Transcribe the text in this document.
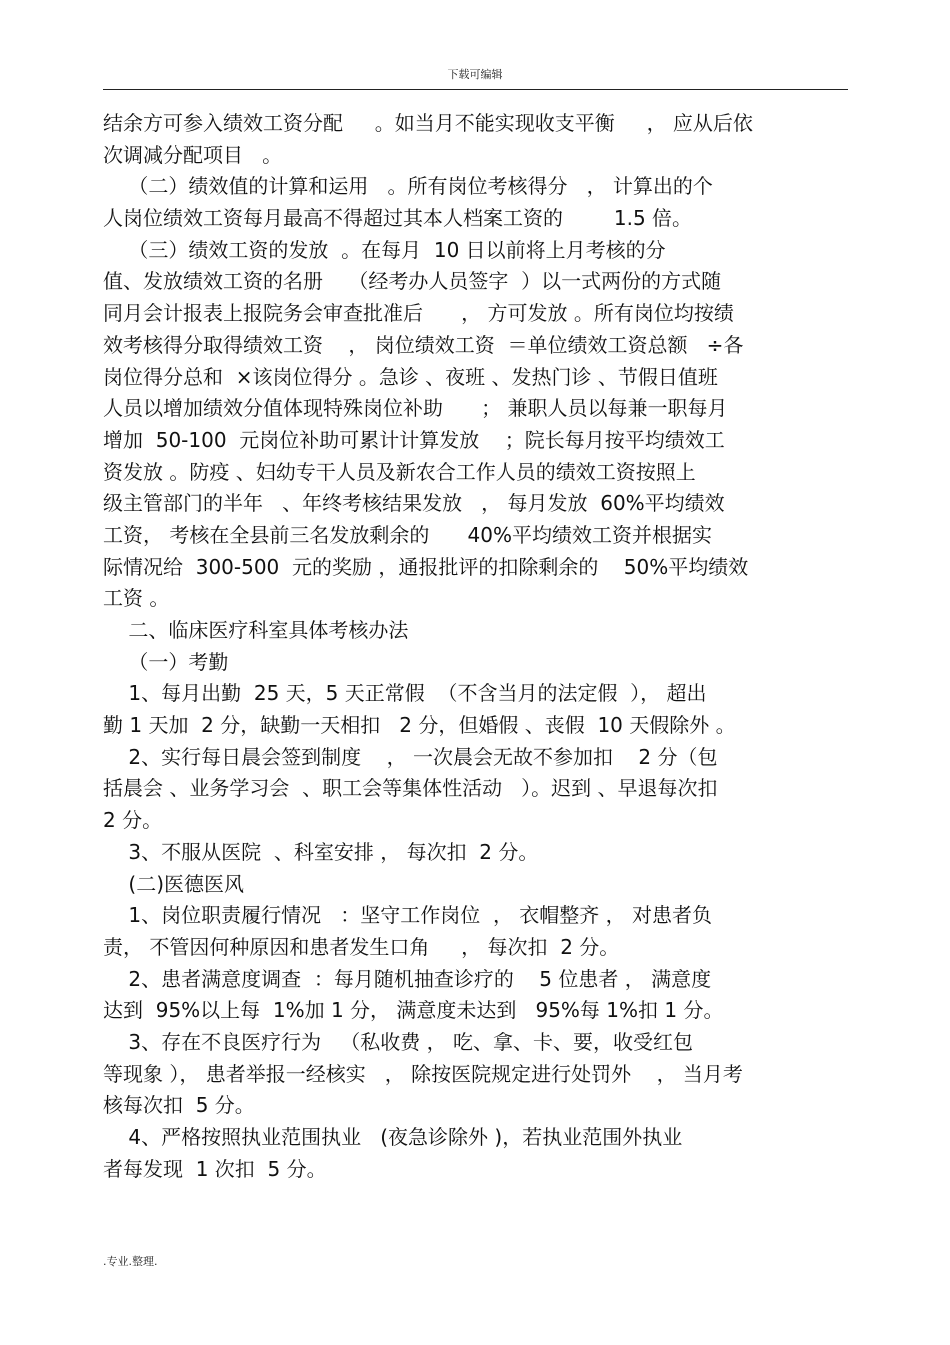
下载可编辑
结余方可参入绩效工资分配     。如当月不能实现收支平衡     ， 应从后依
次调减分配项目   。
（二）绩效值的计算和运用   。所有岗位考核得分   ， 计算出的个
人岗位绩效工资每月最高不得超过其本人档案工资的        1.5 倍。
（三）绩效工资的发放  。在每月  10 日以前将上月考核的分
值、发放绩效工资的名册    （经考办人员签字  ）以一式两份的方式随
同月会计报表上报院务会审查批准后      ， 方可发放 。所有岗位均按绩
效考核得分取得绩效工资    ， 岗位绩效工资  ＝单位绩效工资总额   ÷各
岗位得分总和  ×该岗位得分 。急诊 、夜班 、发热门诊 、节假日值班
人员以增加绩效分值体现特殊岗位补助      ； 兼职人员以每兼一职每月
增加  50-100  元岗位补助可累计计算发放    ；院长每月按平均绩效工
资发放 。防疫 、妇幼专干人员及新农合工作人员的绩效工资按照上
级主管部门的半年   、年终考核结果发放   ， 每月发放  60%平均绩效
工资， 考核在全县前三名发放剩余的      40%平均绩效工资并根据实
际情况给  300-500  元的奖励 ，通报批评的扣除剩余的    50%平均绩效
工资 。
二、临床医疗科室具体考核办法
（一）考勤
1、每月出勤  25 天，5 天正常假  （不含当月的法定假  ）， 超出
勤 1 天加  2 分，缺勤一天相扣   2 分，但婚假 、丧假  10 天假除外 。
2、实行每日晨会签到制度    ， 一次晨会无故不参加扣    2 分（包
括晨会 、业务学习会  、职工会等集体性活动   ）。迟到 、早退每次扣
2 分。
3、不服从医院  、科室安排 ， 每次扣  2 分。
(二)医德医风
1、岗位职责履行情况   ：坚守工作岗位  ， 衣帽整齐 ， 对患者负
责， 不管因何种原因和患者发生口角     ， 每次扣  2 分。
2、患者满意度调查  ：每月随机抽查诊疗的    5 位患者 ， 满意度
达到  95%以上每  1%加 1 分， 满意度未达到   95%每 1%扣 1 分。
3、存在不良医疗行为   （私收费 ， 吃、拿、卡、要，收受红包
等现象 ）， 患者举报一经核实   ， 除按医院规定进行处罚外    ， 当月考
核每次扣  5 分。
4、严格按照执业范围执业   (夜急诊除外 )，若执业范围外执业
者每发现  1 次扣  5 分。
.专业.整理.
